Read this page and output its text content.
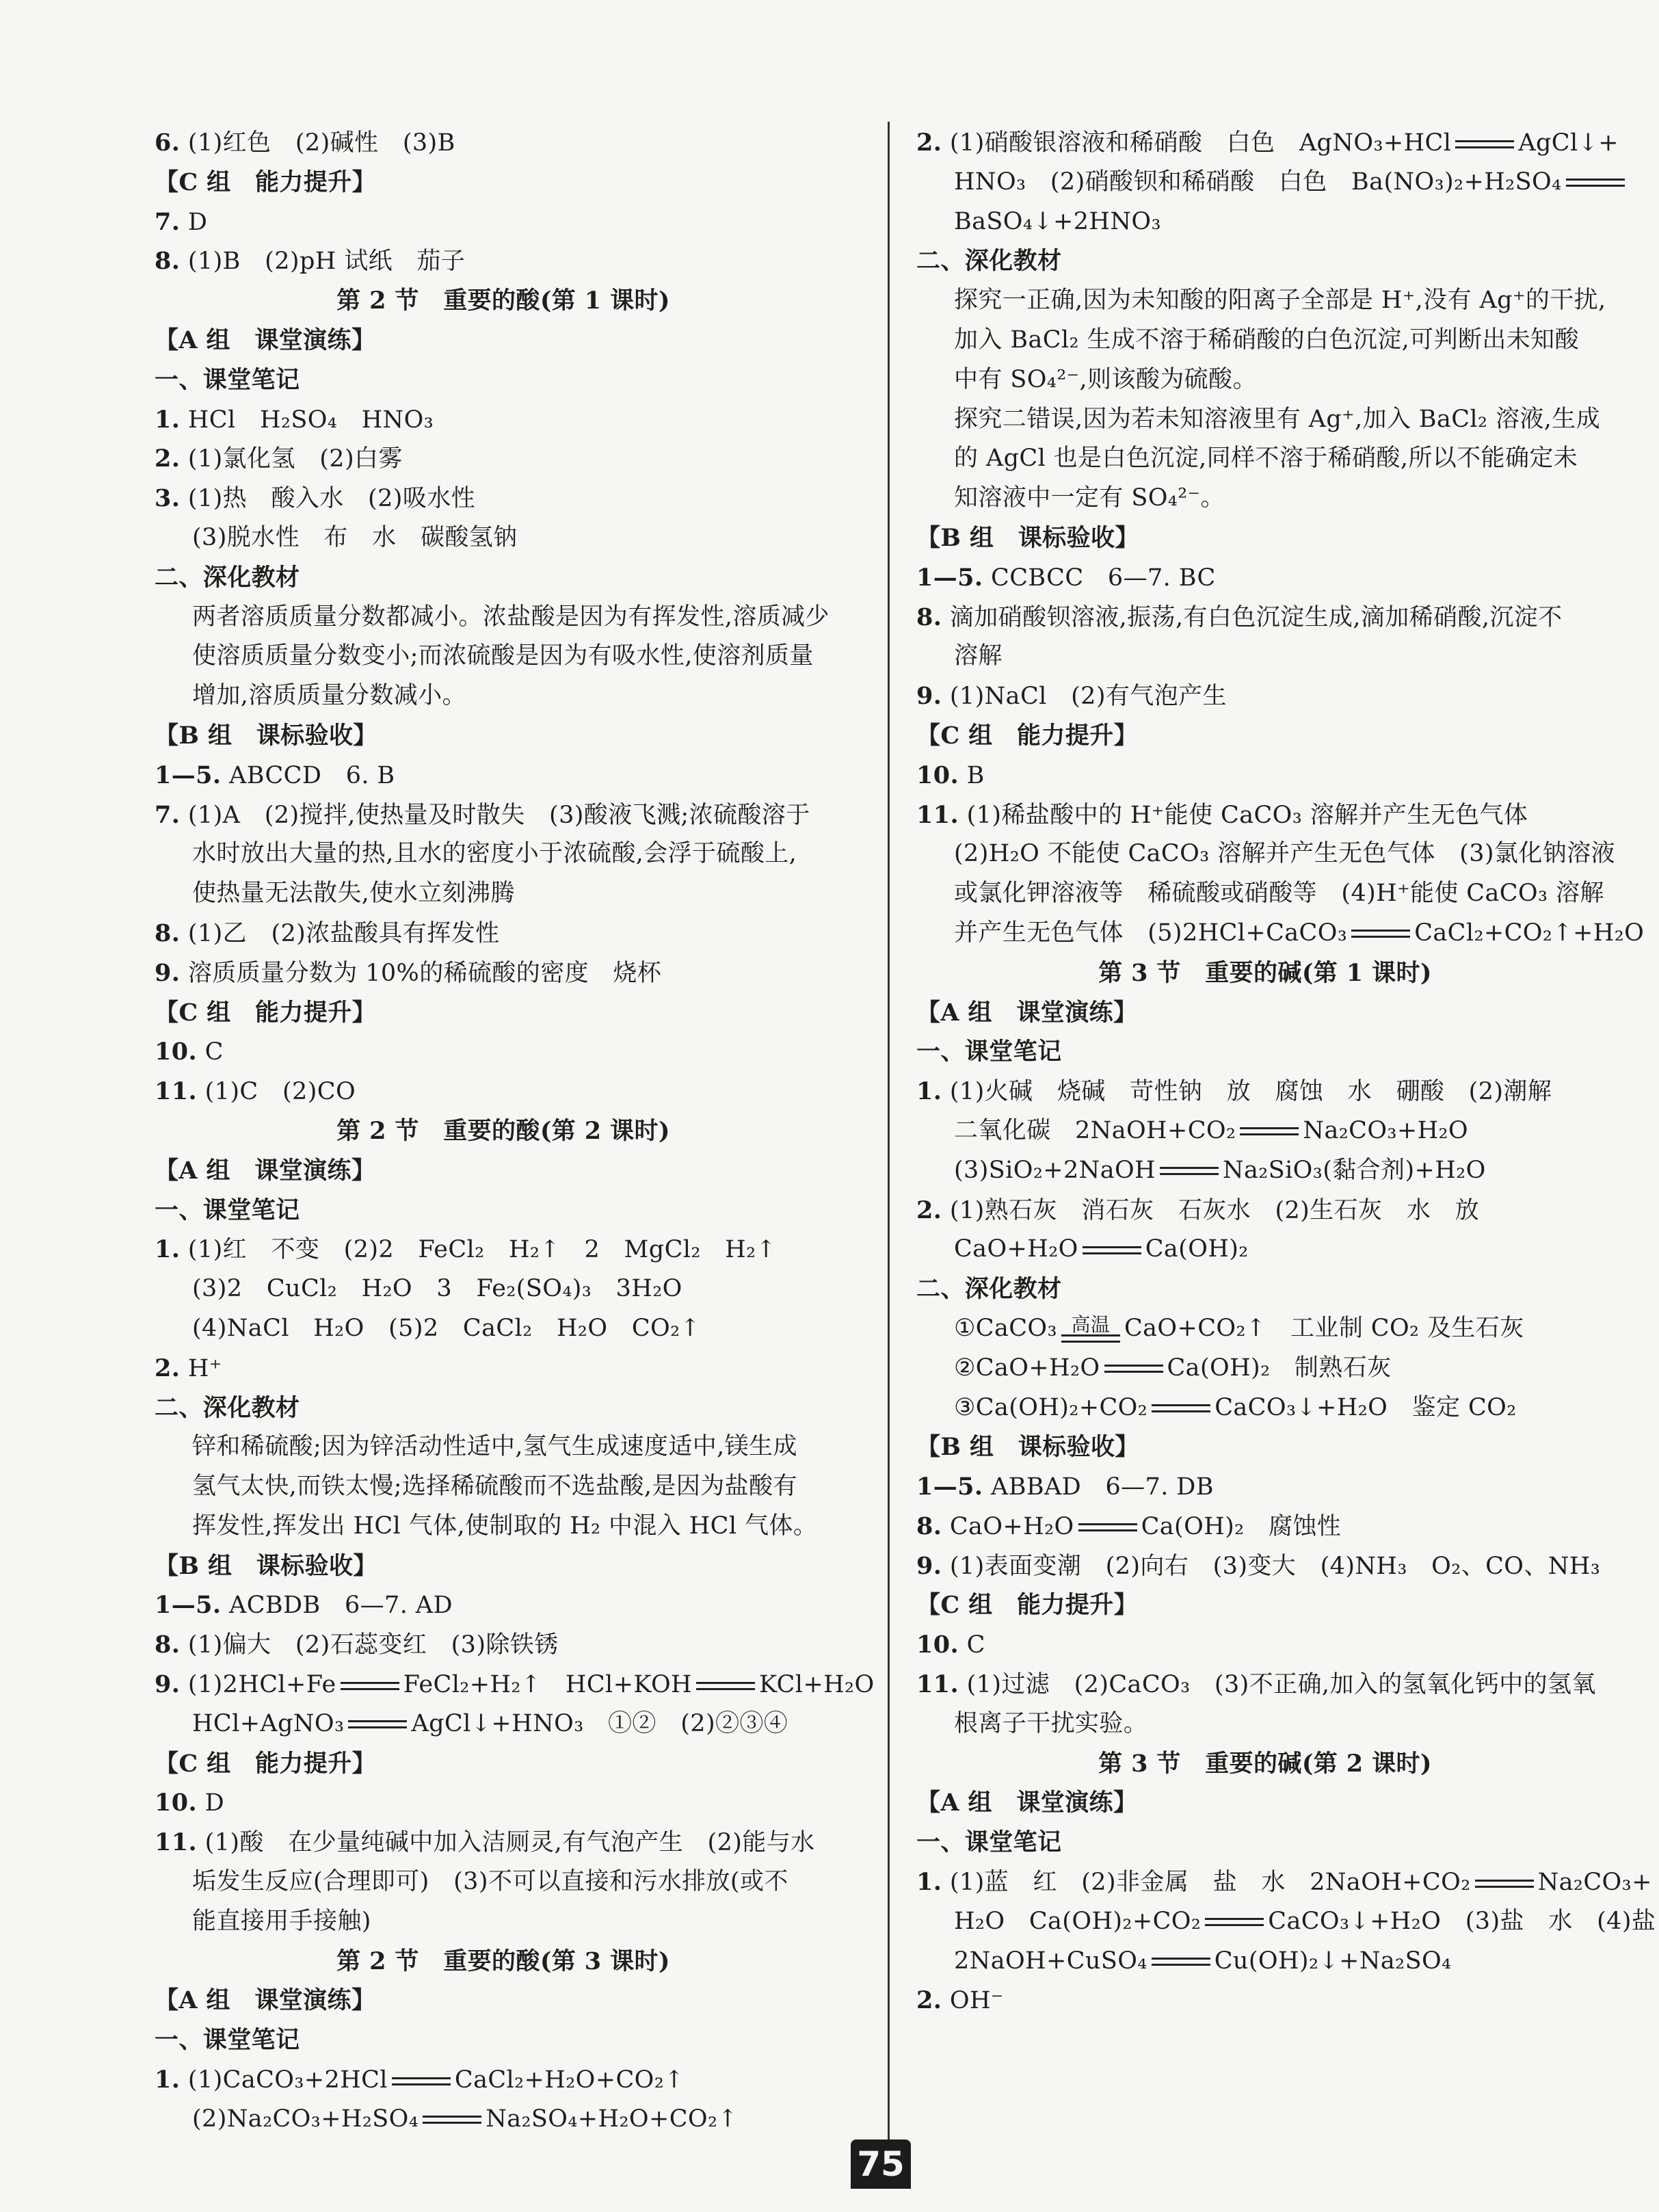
6. (1)红色　(2)碱性　(3)B
【C 组　能力提升】
7. D
8. (1)B　(2)pH 试纸　茄子
第 2 节　重要的酸(第 1 课时)
【A 组　课堂演练】
一、课堂笔记
1. HCl　H₂SO₄　HNO₃
2. (1)氯化氢　(2)白雾
3. (1)热　酸入水　(2)吸水性
(3)脱水性　布　水　碳酸氢钠
二、深化教材
两者溶质质量分数都减小。浓盐酸是因为有挥发性,溶质减少
使溶质质量分数变小;而浓硫酸是因为有吸水性,使溶剂质量
增加,溶质质量分数减小。
【B 组　课标验收】
1—5. ABCCD　6. B
7. (1)A　(2)搅拌,使热量及时散失　(3)酸液飞溅;浓硫酸溶于
水时放出大量的热,且水的密度小于浓硫酸,会浮于硫酸上,
使热量无法散失,使水立刻沸腾
8. (1)乙　(2)浓盐酸具有挥发性
9. 溶质质量分数为 10%的稀硫酸的密度　烧杯
【C 组　能力提升】
10. C
11. (1)C　(2)CO
第 2 节　重要的酸(第 2 课时)
【A 组　课堂演练】
一、课堂笔记
1. (1)红　不变　(2)2　FeCl₂　H₂↑　2　MgCl₂　H₂↑
(3)2　CuCl₂　H₂O　3　Fe₂(SO₄)₃　3H₂O
(4)NaCl　H₂O　(5)2　CaCl₂　H₂O　CO₂↑
2. H⁺
二、深化教材
锌和稀硫酸;因为锌活动性适中,氢气生成速度适中,镁生成
氢气太快,而铁太慢;选择稀硫酸而不选盐酸,是因为盐酸有
挥发性,挥发出 HCl 气体,使制取的 H₂ 中混入 HCl 气体。
【B 组　课标验收】
1—5. ACBDB　6—7. AD
8. (1)偏大　(2)石蕊变红　(3)除铁锈
9. (1)2HCl+Fe	FeCl₂+H₂↑　HCl+KOH	KCl+H₂O
HCl+AgNO₃	AgCl↓+HNO₃　①②　(2)②③④
【C 组　能力提升】
10. D
11. (1)酸　在少量纯碱中加入洁厕灵,有气泡产生　(2)能与水
垢发生反应(合理即可)　(3)不可以直接和污水排放(或不
能直接用手接触)
第 2 节　重要的酸(第 3 课时)
【A 组　课堂演练】
一、课堂笔记
1. (1)CaCO₃+2HCl	CaCl₂+H₂O+CO₂↑
(2)Na₂CO₃+H₂SO₄	Na₂SO₄+H₂O+CO₂↑
2. (1)硝酸银溶液和稀硝酸　白色　AgNO₃+HCl	AgCl↓+
HNO₃　(2)硝酸钡和稀硝酸　白色　Ba(NO₃)₂+H₂SO₄
BaSO₄↓+2HNO₃
二、深化教材
探究一正确,因为未知酸的阳离子全部是 H⁺,没有 Ag⁺的干扰,
加入 BaCl₂ 生成不溶于稀硝酸的白色沉淀,可判断出未知酸
中有 SO₄²⁻,则该酸为硫酸。
探究二错误,因为若未知溶液里有 Ag⁺,加入 BaCl₂ 溶液,生成
的 AgCl 也是白色沉淀,同样不溶于稀硝酸,所以不能确定未
知溶液中一定有 SO₄²⁻。
【B 组　课标验收】
1—5. CCBCC　6—7. BC
8. 滴加硝酸钡溶液,振荡,有白色沉淀生成,滴加稀硝酸,沉淀不
溶解
9. (1)NaCl　(2)有气泡产生
【C 组　能力提升】
10. B
11. (1)稀盐酸中的 H⁺能使 CaCO₃ 溶解并产生无色气体
(2)H₂O 不能使 CaCO₃ 溶解并产生无色气体　(3)氯化钠溶液
或氯化钾溶液等　稀硫酸或硝酸等　(4)H⁺能使 CaCO₃ 溶解
并产生无色气体　(5)2HCl+CaCO₃	CaCl₂+CO₂↑+H₂O
第 3 节　重要的碱(第 1 课时)
【A 组　课堂演练】
一、课堂笔记
1. (1)火碱　烧碱　苛性钠　放　腐蚀　水　硼酸　(2)潮解
二氧化碳　2NaOH+CO₂	Na₂CO₃+H₂O
(3)SiO₂+2NaOH	Na₂SiO₃(黏合剂)+H₂O
2. (1)熟石灰　消石灰　石灰水　(2)生石灰　水　放
CaO+H₂O	Ca(OH)₂
二、深化教材
①CaCO₃ 高温 CaO+CO₂↑　工业制 CO₂ 及生石灰
②CaO+H₂O	Ca(OH)₂　制熟石灰
③Ca(OH)₂+CO₂	CaCO₃↓+H₂O　鉴定 CO₂
【B 组　课标验收】
1—5. ABBAD　6—7. DB
8. CaO+H₂O	Ca(OH)₂　腐蚀性
9. (1)表面变潮　(2)向右　(3)变大　(4)NH₃　O₂、CO、NH₃
【C 组　能力提升】
10. C
11. (1)过滤　(2)CaCO₃　(3)不正确,加入的氢氧化钙中的氢氧
根离子干扰实验。
第 3 节　重要的碱(第 2 课时)
【A 组　课堂演练】
一、课堂笔记
1. (1)蓝　红　(2)非金属　盐　水　2NaOH+CO₂	Na₂CO₃+
H₂O　Ca(OH)₂+CO₂	CaCO₃↓+H₂O　(3)盐　水　(4)盐
2NaOH+CuSO₄	Cu(OH)₂↓+Na₂SO₄
2. OH⁻
75
